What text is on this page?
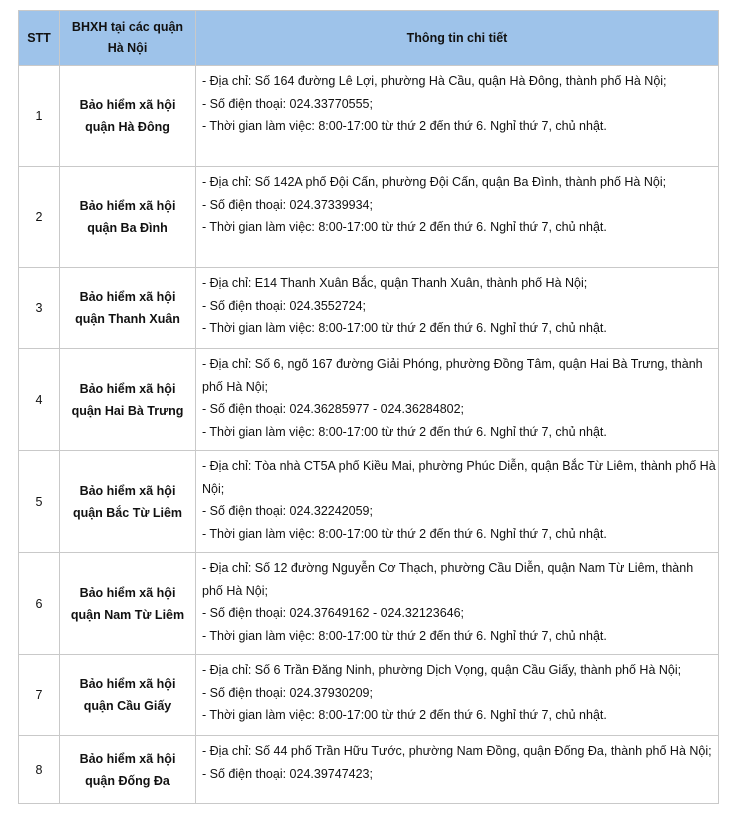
STT	BHXH tại các quận Hà Nội	Thông tin chi tiết
1	Bảo hiểm xã hội quận Hà Đông	- Địa chỉ: Số 164 đường Lê Lợi, phường Hà Cầu, quận Hà Đông, thành phố Hà Nội;
- Số điện thoại: 024.33770555;
- Thời gian làm việc: 8:00-17:00 từ thứ 2 đến thứ 6. Nghỉ thứ 7, chủ nhật.

2	Bảo hiểm xã hội quận Ba Đình	- Địa chỉ: Số 142A phố Đội Cấn, phường Đội Cấn, quận Ba Đình, thành phố Hà Nội;
- Số điện thoại: 024.37339934;
- Thời gian làm việc: 8:00-17:00 từ thứ 2 đến thứ 6. Nghỉ thứ 7, chủ nhật.

3	Bảo hiểm xã hội quận Thanh Xuân	- Địa chỉ: E14 Thanh Xuân Bắc, quận Thanh Xuân, thành phố Hà Nội;
- Số điện thoại: 024.3552724;
- Thời gian làm việc: 8:00-17:00 từ thứ 2 đến thứ 6. Nghỉ thứ 7, chủ nhật.

4	Bảo hiểm xã hội quận Hai Bà Trưng	- Địa chỉ: Số 6, ngõ 167 đường Giải Phóng, phường Đồng Tâm, quận Hai Bà Trưng, thành phố Hà Nội;
- Số điện thoại: 024.36285977 - 024.36284802;
- Thời gian làm việc: 8:00-17:00 từ thứ 2 đến thứ 6. Nghỉ thứ 7, chủ nhật.

5	Bảo hiểm xã hội quận Bắc Từ Liêm	- Địa chỉ: Tòa nhà CT5A phố Kiều Mai, phường Phúc Diễn, quận Bắc Từ Liêm, thành phố Hà Nội;
- Số điện thoại: 024.32242059;
- Thời gian làm việc: 8:00-17:00 từ thứ 2 đến thứ 6. Nghỉ thứ 7, chủ nhật.

6	Bảo hiểm xã hội quận Nam Từ Liêm	- Địa chỉ: Số 12 đường Nguyễn Cơ Thạch, phường Cầu Diễn, quận Nam Từ Liêm, thành phố Hà Nội;
- Số điện thoại: 024.37649162 - 024.32123646;
- Thời gian làm việc: 8:00-17:00 từ thứ 2 đến thứ 6. Nghỉ thứ 7, chủ nhật.

7	Bảo hiểm xã hội quận Cầu Giấy	- Địa chỉ: Số 6 Trần Đăng Ninh, phường Dịch Vọng, quận Cầu Giấy, thành phố Hà Nội;
- Số điện thoại: 024.37930209;
- Thời gian làm việc: 8:00-17:00 từ thứ 2 đến thứ 6. Nghỉ thứ 7, chủ nhật.

8	Bảo hiểm xã hội quận Đống Đa	- Địa chỉ: Số 44 phố Trần Hữu Tước, phường Nam Đồng, quận Đống Đa, thành phố Hà Nội;
- Số điện thoại: 024.39747423;
